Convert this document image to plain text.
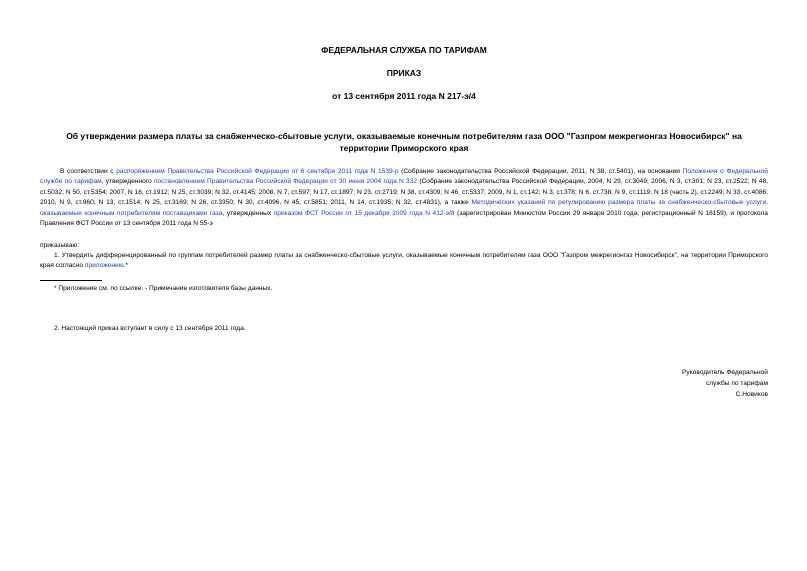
ФЕДЕРАЛЬНАЯ СЛУЖБА ПО ТАРИФАМ
ПРИКАЗ
от 13 сентября 2011 года N 217-э/4
Об утверждении размера платы за снабженческо-сбытовые услуги, оказываемые конечным потребителям газа ООО "Газпром межрегионгаз Новосибирск" на территории Приморского края
В соответствии с распоряжением Правительства Российской Федерации от 6 сентября 2011 года N 1539-р (Собрание законодательства Российской Федерации, 2011, N 38, ст.5401), на основании Положения о Федеральной службе по тарифам, утвержденного постановлением Правительства Российской Федерации от 30 июня 2004 года N 332 (Собрание законодательства Российской Федерации, 2004, N 29, ст.3049; 2006, N 3, ст.301; N 23, ст.2522; N 48, ст.5032; N 50, ст.5354; 2007, N 16, ст.1912; N 25, ст.3039; N 32, ст.4145; 2008, N 7, ст.597; N 17, ст.1897; N 23, ст.2719; N 38, ст.4309; N 46, ст.5337; 2009, N 1, ст.142; N 3, ст.378; N 6, ст.738; N 9, ст.1119; N 18 (часть 2), ст.2249; N 33, ст.4086; 2010, N 9, ст.960; N 13, ст.1514; N 25, ст.3169; N 26, ст.3350; N 30, ст.4096, N 45, ст.5851; 2011, N 14, ст.1935; N 32, ст.4831), а также Методических указаний по регулированию размера платы за снабженческо-сбытовые услуги, оказываемые конечным потребителям поставщиками газа, утвержденных приказом ФСТ России от 15 декабря 2009 года N 412-э/8 (зарегистрирован Минюстом России 29 января 2010 года, регистрационный N 16159), и протокола Правления ФСТ России от 13 сентября 2011 года N 55-э
приказываю:
1. Утвердить дифференцированный по группам потребителей размер платы за снабженческо-сбытовые услуги, оказываемые конечным потребителям газа ООО "Газпром межрегионгаз Новосибирск", на территории Приморского края согласно приложению.*
* Приложение см. по ссылке. - Примечание изготовителя базы данных.
2. Настоящий приказ вступает в силу с 13 сентября 2011 года.
Руководитель Федеральной
службы по тарифам
С.Новиков
